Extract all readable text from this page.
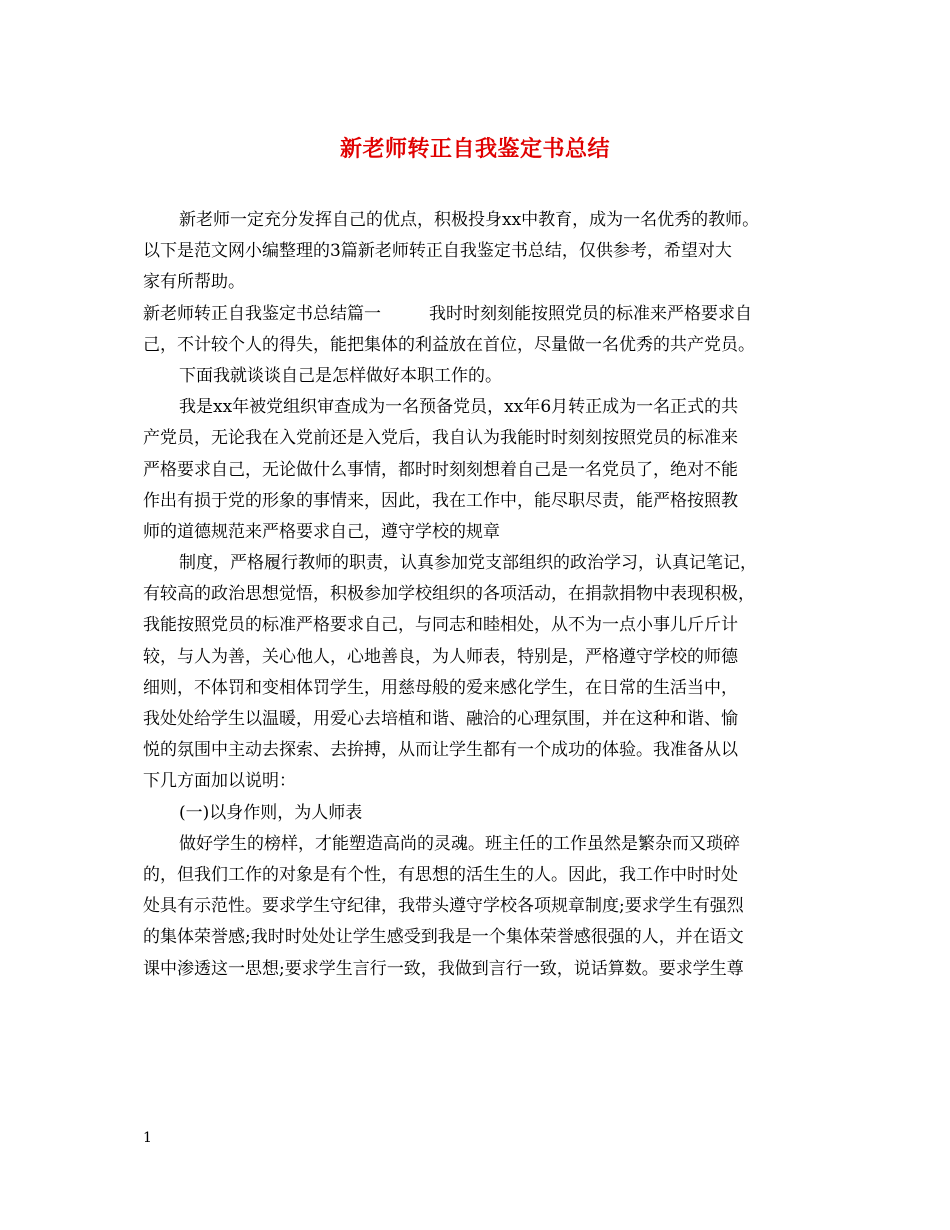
新老师转正自我鉴定书总结
新老师一定充分发挥自己的优点，积极投身xx中教育，成为一名优秀的教师。
以下是范文网小编整理的3篇新老师转正自我鉴定书总结，仅供参考，希望对大
家有所帮助。
新老师转正自我鉴定书总结篇一	我时时刻刻能按照党员的标准来严格要求自
己，不计较个人的得失，能把集体的利益放在首位，尽量做一名优秀的共产党员。
下面我就谈谈自己是怎样做好本职工作的。
我是xx年被党组织审查成为一名预备党员，xx年6月转正成为一名正式的共
产党员，无论我在入党前还是入党后，我自认为我能时时刻刻按照党员的标准来
严格要求自己，无论做什么事情，都时时刻刻想着自己是一名党员了，绝对不能
作出有损于党的形象的事情来，因此，我在工作中，能尽职尽责，能严格按照教
师的道德规范来严格要求自己，遵守学校的规章
制度，严格履行教师的职责，认真参加党支部组织的政治学习，认真记笔记，
有较高的政治思想觉悟，积极参加学校组织的各项活动，在捐款捐物中表现积极，
我能按照党员的标准严格要求自己，与同志和睦相处，从不为一点小事儿斤斤计
较，与人为善，关心他人，心地善良，为人师表，特别是，严格遵守学校的师德
细则，不体罚和变相体罚学生，用慈母般的爱来感化学生，在日常的生活当中，
我处处给学生以温暖，用爱心去培植和谐、融洽的心理氛围，并在这种和谐、愉
悦的氛围中主动去探索、去拚搏，从而让学生都有一个成功的体验。我准备从以
下几方面加以说明：
(一)以身作则，为人师表
做好学生的榜样，才能塑造高尚的灵魂。班主任的工作虽然是繁杂而又琐碎
的，但我们工作的对象是有个性，有思想的活生生的人。因此，我工作中时时处
处具有示范性。要求学生守纪律，我带头遵守学校各项规章制度;要求学生有强烈
的集体荣誉感;我时时处处让学生感受到我是一个集体荣誉感很强的人，并在语文
课中渗透这一思想;要求学生言行一致，我做到言行一致，说话算数。要求学生尊
1
